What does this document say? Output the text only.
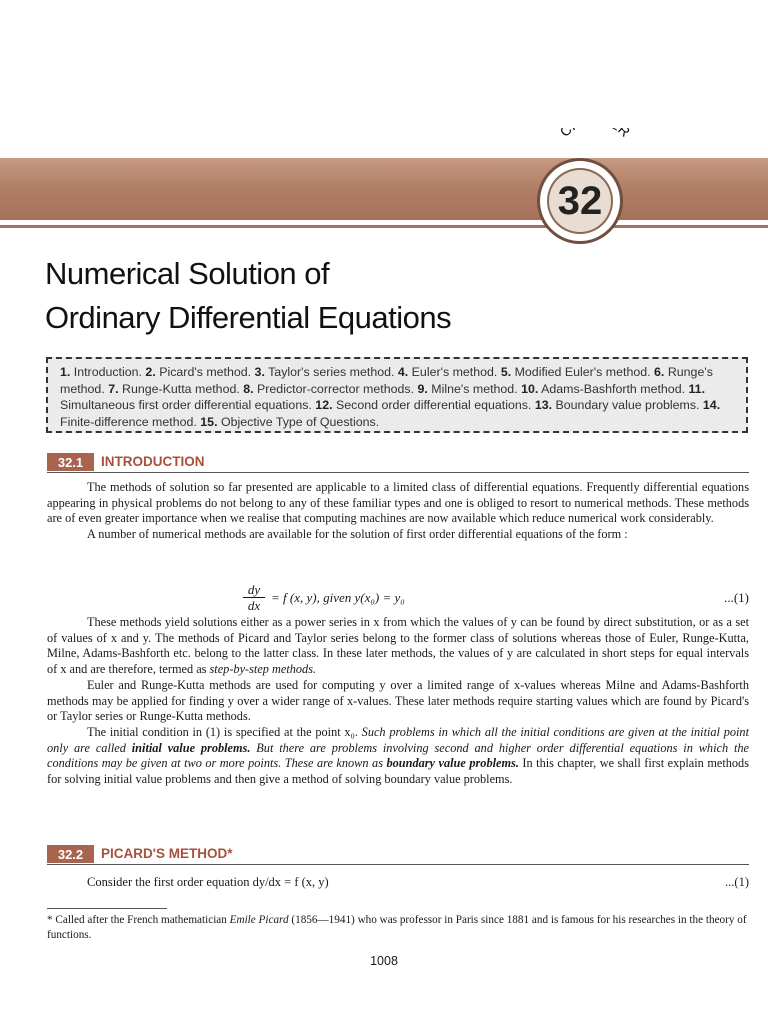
C R
32
Numerical Solution of
Ordinary Differential Equations

1. Introduction. 2. Picard's method. 3. Taylor's series method. 4. Euler's method. 5. Modified Euler's method. 6. Runge's method. 7. Runge-Kutta method. 8. Predictor-corrector methods. 9. Milne's method. 10. Adams-Bashforth method. 11. Simultaneous first order differential equations. 12. Second order differential equations. 13. Boundary value problems. 14. Finite-difference method. 15. Objective Type of Questions.

32.1	INTRODUCTION

The methods of solution so far presented are applicable to a limited class of differential equations. Frequently differential equations appearing in physical problems do not belong to any of these familiar types and one is obliged to resort to numerical methods. These methods are of even greater importance when we realise that computing machines are now available which reduce numerical work considerably.

A number of numerical methods are available for the solution of first order differential equations of the form :

$\frac{dy}{dx} = f$ (x, y), given y(x₀) = y₀	...(1)

These methods yield solutions either as a power series in x from which the values of y can be found by direct substitution, or as a set of values of x and y. The methods of Picard and Taylor series belong to the former class of solutions whereas those of Euler, Runge-Kutta, Milne, Adams-Bashforth etc. belong to the latter class. In these later methods, the values of y are calculated in short steps for equal intervals of x and are therefore, termed as step-by-step methods.

Euler and Runge-Kutta methods are used for computing y over a limited range of x-values whereas Milne and Adams-Bashforth methods may be applied for finding y over a wider range of x-values. These later methods require starting values which are found by Picard's or Taylor series or Runge-Kutta methods.

The initial condition in (1) is specified at the point x₀. Such problems in which all the initial conditions are given at the initial point only are called initial value problems. But there are problems involving second and higher order differential equations in which the conditions may be given at two or more points. These are known as boundary value problems. In this chapter, we shall first explain methods for solving initial value problems and then give a method of solving boundary value problems.

32.2	PICARD'S METHOD*
Consider the first order equation dy/dx = f (x, y)	...(1)
* Called after the French mathematician Emile Picard (1856—1941) who was professor in Paris since 1881 and is famous for his researches in the theory of functions.
1008
